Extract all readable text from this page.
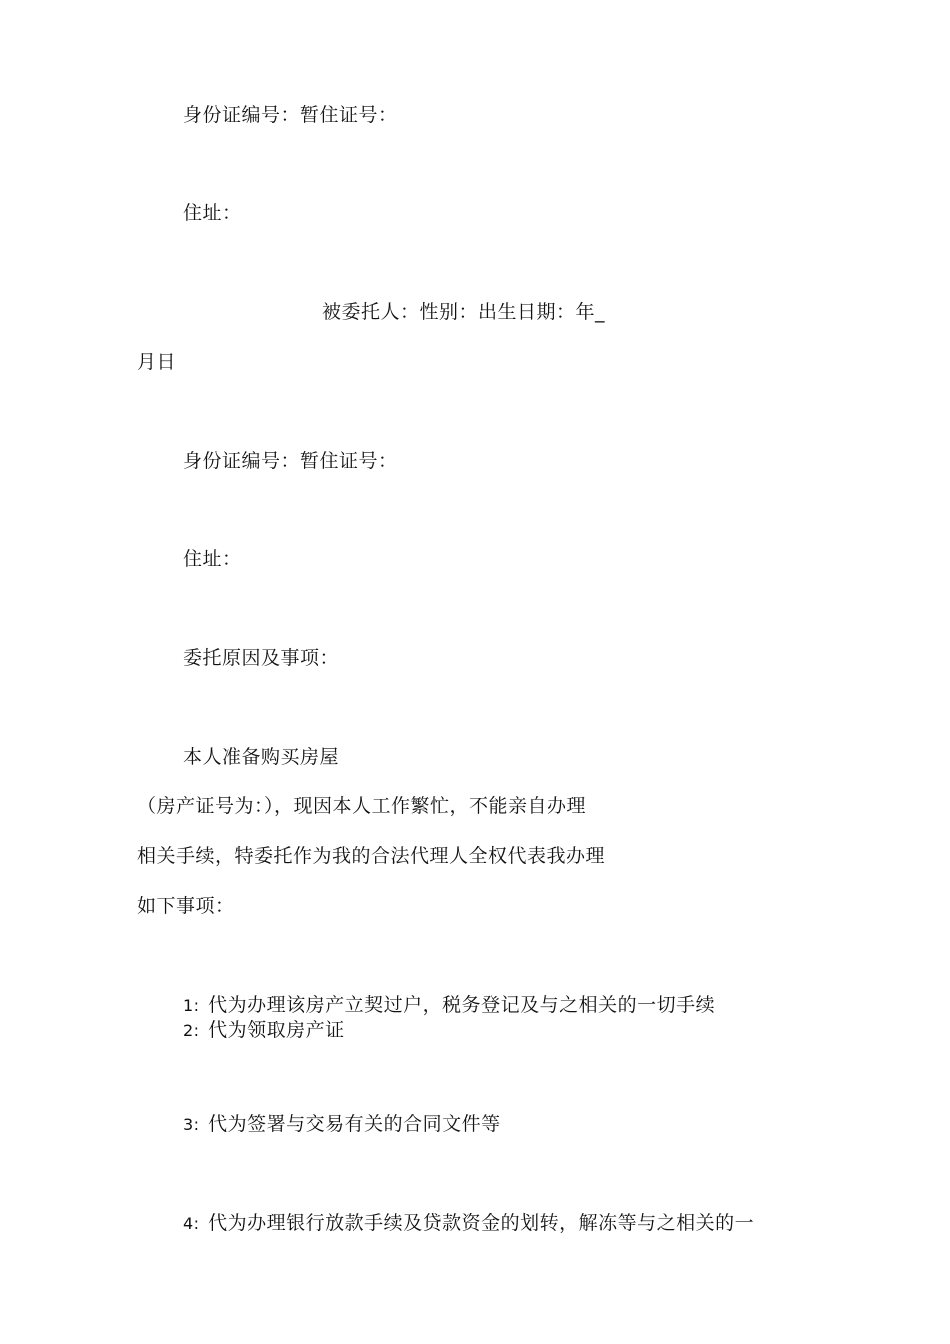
身份证编号：暂住证号：
住址：
被委托人：性别：出生日期：年_
月日
身份证编号：暂住证号：
住址：
委托原因及事项：
本人准备购买房屋
（房产证号为：），现因本人工作繁忙，不能亲自办理
相关手续，特委托作为我的合法代理人全权代表我办理
如下事项：
1: 代为办理该房产立契过户，税务登记及与之相关的一切手续
2: 代为领取房产证
3: 代为签署与交易有关的合同文件等
4: 代为办理银行放款手续及贷款资金的划转，解冻等与之相关的一
